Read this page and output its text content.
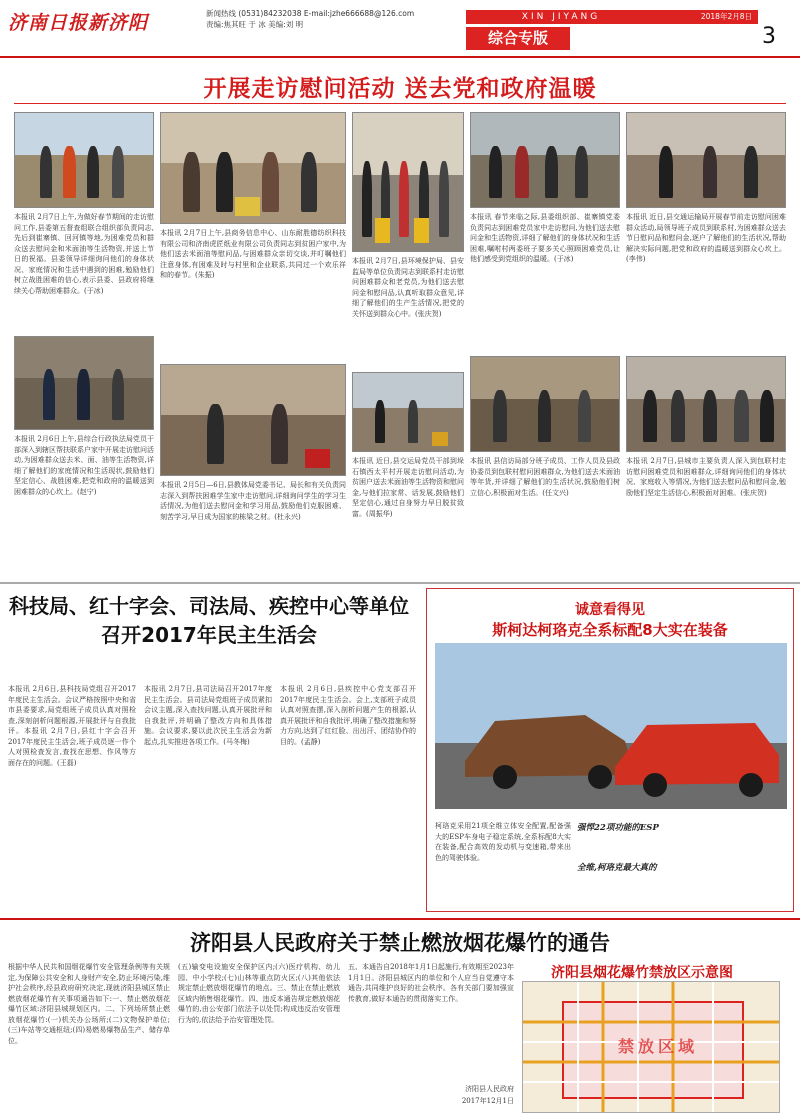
济南日报新济阳	新闻热线 (0531)84232038 E-mail:jzhe666688@126.com
责编:焦其旺 于 冰 美编:刘 明
XIN JIYANG	2018年2月8日
综合专版	3
开展走访慰问活动 送去党和政府温暖
本报讯 2月7日上午,为做好春节期间的走访慰问工作,县委第五督查组联合组织部负责同志,先后到崔寨镇、回河镇等地,为困难党员和群众送去慰问金和米面油等生活物资,并送上节日的祝福。县委领导详细询问他们的身体状况、家庭情况和生活中遇到的困难,勉励他们树立战胜困难的信心,表示县委、县政府将继续关心帮助困难群众。(于冰)
本报讯 2月6日上午,县综合行政执法局党员干部深入到辖区帮扶联系户家中开展走访慰问活动,为困难群众送去米、面、油等生活物资,详细了解他们的家庭情况和生活现状,鼓励他们坚定信心、战胜困难,把党和政府的温暖送到困难群众的心坎上。(赵宁)
本报讯 2月7日上午,县商务信息中心、山东耐胜德纺织科技有限公司和济南虎匠纸业有限公司负责同志到贫困户家中,为他们送去米面油等慰问品,与困难群众亲切交谈,并叮嘱他们注意身体,有困难及时与村里和企业联系,共同过一个欢乐祥和的春节。(朱振)
本报讯 2月5日—6日,县教体局党委书记、局长和有关负责同志深入到帮扶困难学生家中走访慰问,详细询问学生的学习生活情况,为他们送去慰问金和学习用品,鼓励他们克服困难、刻苦学习,早日成为国家的栋梁之材。(杜永兴)
本报讯 2月7日,县环境保护局、县安监局等单位负责同志到联系村走访慰问困难群众和老党员,为他们送去慰问金和慰问品,认真听取群众意见,详细了解他们的生产生活情况,把党的关怀送到群众心中。(张庆贺)
本报讯 近日,县交运局党员干部到垛石镇西太平村开展走访慰问活动,为贫困户送去米面油等生活物资和慰问金,与他们拉家常、话发展,鼓励他们坚定信心,通过自身努力早日脱贫致富。(周振华)
本报讯 春节来临之际,县委组织部、崔寨镇党委负责同志到困难党员家中走访慰问,为他们送去慰问金和生活物资,详细了解他们的身体状况和生活困难,嘱咐村两委班子要多关心照顾困难党员,让他们感受到党组织的温暖。(于冰)
本报讯 县信访局部分班子成员、工作人员及县政协委员到包联村慰问困难群众,为他们送去米面油等年货,并详细了解他们的生活状况,鼓励他们树立信心,积极面对生活。(任文兴)
本报讯 近日,县交通运输局开展春节前走访慰问困难群众活动,局领导班子成员到联系村,为困难群众送去节日慰问品和慰问金,逐户了解他们的生活状况,帮助解决实际问题,把党和政府的温暖送到群众心坎上。(李伟)
本报讯 2月7日,县城市主要负责人深入到包联村走访慰问困难党员和困难群众,详细询问他们的身体状况、家庭收入等情况,为他们送去慰问品和慰问金,勉励他们坚定生活信心,积极面对困难。(张庆贺)
科技局、红十字会、司法局、疾控中心等单位召开2017年民主生活会
本报讯 2月6日,县科技局党组召开2017年度民主生活会。会议严格按照中央和省市县委要求,局党组班子成员认真对照检查,深刻剖析问题根源,开展批评与自我批评。本报讯 2月7日,县红十字会召开2017年度民主生活会,班子成员逐一作个人对照检查发言,查找在思想、作风等方面存在的问题。(王磊)
本报讯 2月7日,县司法局召开2017年度民主生活会。县司法局党组班子成员紧扣会议主题,深入查找问题,认真开展批评和自我批评,并明确了整改方向和具体措施。会议要求,要以此次民主生活会为新起点,扎实推进各项工作。(马冬梅)
本报讯 2月6日,县疾控中心党支部召开2017年度民主生活会。会上,支部班子成员认真对照查摆,深入剖析问题产生的根源,认真开展批评和自我批评,明确了整改措施和努力方向,达到了红红脸、出出汗、团结协作的目的。(孟静)
诚意看得见
斯柯达柯珞克全系标配8大实在装备
强悍22项功能的ESP
全维,柯珞克最大真的
柯珞克采用21项全维立体安全配置,配备强大的ESP车身电子稳定系统,全系标配8大实在装备,配合高效的发动机与变速箱,带来出色的驾驶体验。
济阳县人民政府关于禁止燃放烟花爆竹的通告
根据中华人民共和国烟花爆竹安全管理条例等有关规定,为保障公共安全和人身财产安全,防止环境污染,维护社会秩序,经县政府研究决定,现就济阳县城区禁止燃放烟花爆竹有关事项通告如下:一、禁止燃放烟花爆竹区域:济阳县城规划区内。二、下列场所禁止燃放烟花爆竹:(一)机关办公场所;(二)文物保护单位;(三)车站等交通枢纽;(四)易燃易爆物品生产、储存单位。
(五)输变电设施安全保护区内;(六)医疗机构、幼儿园、中小学校;(七)山林等重点防火区;(八)其他依法规定禁止燃放烟花爆竹的地点。三、禁止在禁止燃放区域内销售烟花爆竹。四、违反本通告规定燃放烟花爆竹的,由公安部门依法予以处罚;构成违反治安管理行为的,依法给予治安管理处罚。
五、本通告自2018年1月1日起施行,有效期至2023年1月1日。济阳县城区内的单位和个人应当自觉遵守本通告,共同维护良好的社会秩序。各有关部门要加强宣传教育,做好本通告的贯彻落实工作。
济阳县人民政府
2017年12月1日
济阳县烟花爆竹禁放区示意图
禁放区域
